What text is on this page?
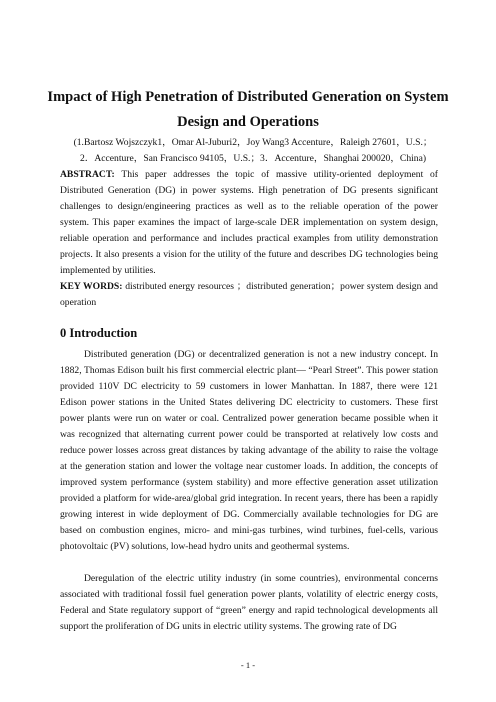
Impact of High Penetration of Distributed Generation on System
Design and Operations

(1.Bartosz Wojszczyk1，Omar Al-Juburi2，Joy Wang3 Accenture，Raleigh 27601，U.S.；

2．Accenture，San Francisco 94105，U.S.；3．Accenture，Shanghai 200020，China)

ABSTRACT: This paper addresses the topic of massive utility-oriented deployment of Distributed Generation (DG) in power systems. High penetration of DG presents significant challenges to design/engineering practices as well as to the reliable operation of the power system. This paper examines the impact of large-scale DER implementation on system design, reliable operation and performance and includes practical examples from utility demonstration projects. It also presents a vision for the utility of the future and describes DG technologies being implemented by utilities.

KEY WORDS: distributed energy resources ；distributed generation；power system design and operation

0 Introduction

Distributed generation (DG) or decentralized generation is not a new industry concept. In 1882, Thomas Edison built his first commercial electric plant— “Pearl Street”. This power station provided 110V DC electricity to 59 customers in lower Manhattan. In 1887, there were 121 Edison power stations in the United States delivering DC electricity to customers. These first power plants were run on water or coal. Centralized power generation became possible when it was recognized that alternating current power could be transported at relatively low costs and reduce power losses across great distances by taking advantage of the ability to raise the voltage at the generation station and lower the voltage near customer loads. In addition, the concepts of improved system performance (system stability) and more effective generation asset utilization provided a platform for wide-area/global grid integration. In recent years, there has been a rapidly growing interest in wide deployment of DG. Commercially available technologies for DG are based on combustion engines, micro- and mini-gas turbines, wind turbines, fuel-cells, various photovoltaic (PV) solutions, low-head hydro units and geothermal systems.

Deregulation of the electric utility industry (in some countries), environmental concerns associated with traditional fossil fuel generation power plants, volatility of electric energy costs, Federal and State regulatory support of “green” energy and rapid technological developments all support the proliferation of DG units in electric utility systems. The growing rate of DG

- 1 -
